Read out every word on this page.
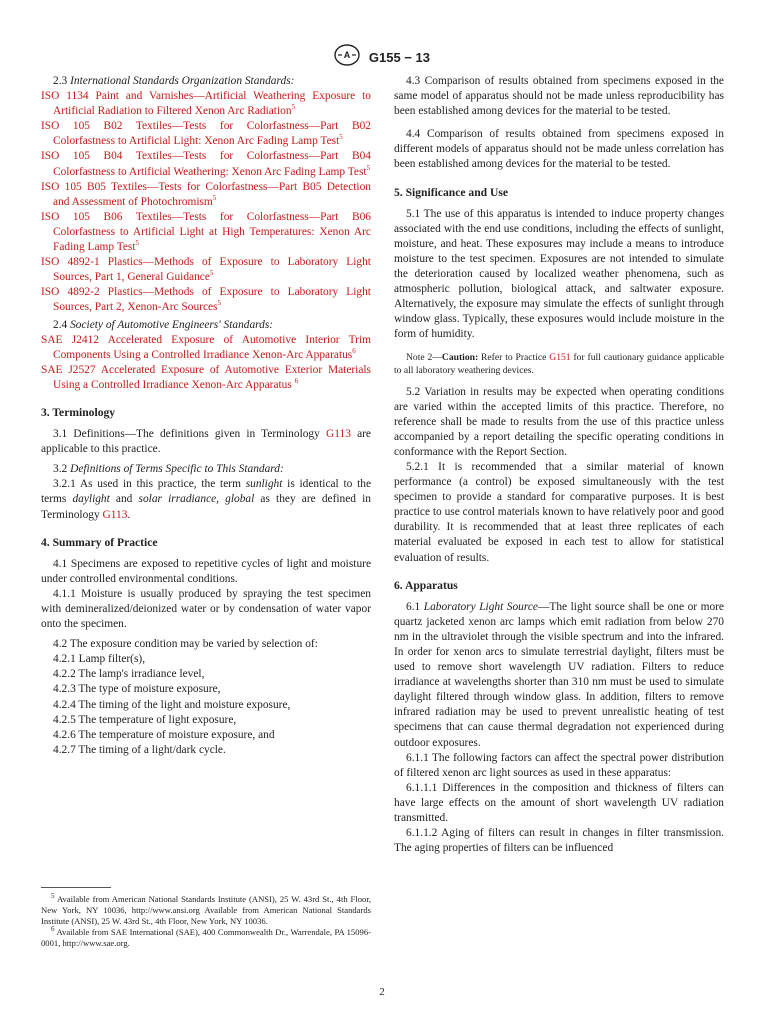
A G155 − 13

2.3 International Standards Organization Standards:

ISO 1134 Paint and Varnishes—Artificial Weathering Exposure to Artificial Radiation to Filtered Xenon Arc Radiation$^5$

ISO 105 B02 Textiles—Tests for Colorfastness—Part B02 Colorfastness to Artificial Light: Xenon Arc Fading Lamp Test$^5$

ISO 105 B04 Textiles—Tests for Colorfastness—Part B04 Colorfastness to Artificial Weathering: Xenon Arc Fading Lamp Test$^5$

ISO 105 B05 Textiles—Tests for Colorfastness—Part B05 Detection and Assessment of Photochromism$^5$

ISO 105 B06 Textiles—Tests for Colorfastness—Part B06 Colorfastness to Artificial Light at High Temperatures: Xenon Arc Fading Lamp Test$^5$

ISO 4892-1 Plastics—Methods of Exposure to Laboratory Light Sources, Part 1, General Guidance$^5$

ISO 4892-2 Plastics—Methods of Exposure to Laboratory Light Sources, Part 2, Xenon-Arc Sources$^5$

2.4 Society of Automotive Engineers' Standards:

SAE J2412 Accelerated Exposure of Automotive Interior Trim Components Using a Controlled Irradiance Xenon-Arc Apparatus$^6$

SAE J2527 Accelerated Exposure of Automotive Exterior Materials Using a Controlled Irradiance Xenon-Arc Apparatus $^6$

3. Terminology

3.1 Definitions—The definitions given in Terminology G113 are applicable to this practice.

3.2 Definitions of Terms Specific to This Standard:

3.2.1 As used in this practice, the term sunlight is identical to the terms daylight and solar irradiance, global as they are defined in Terminology G113.

4. Summary of Practice

4.1 Specimens are exposed to repetitive cycles of light and moisture under controlled environmental conditions.

4.1.1 Moisture is usually produced by spraying the test specimen with demineralized/deionized water or by condensation of water vapor onto the specimen.

4.2 The exposure condition may be varied by selection of:

4.2.1 Lamp filter(s),

4.2.2 The lamp's irradiance level,

4.2.3 The type of moisture exposure,

4.2.4 The timing of the light and moisture exposure,

4.2.5 The temperature of light exposure,

4.2.6 The temperature of moisture exposure, and

4.2.7 The timing of a light/dark cycle.

$^5$ Available from American National Standards Institute (ANSI), 25 W. 43rd St., 4th Floor, New York, NY 10036, http://www.ansi.org Available from American National Standards Institute (ANSI), 25 W. 43rd St., 4th Floor, New York, NY 10036.

$^6$ Available from SAE International (SAE), 400 Commonwealth Dr., Warrendale, PA 15096-0001, http://www.sae.org.

4.3 Comparison of results obtained from specimens exposed in the same model of apparatus should not be made unless reproducibility has been established among devices for the material to be tested.

4.4 Comparison of results obtained from specimens exposed in different models of apparatus should not be made unless correlation has been established among devices for the material to be tested.

5. Significance and Use

5.1 The use of this apparatus is intended to induce property changes associated with the end use conditions, including the effects of sunlight, moisture, and heat. These exposures may include a means to introduce moisture to the test specimen. Exposures are not intended to simulate the deterioration caused by localized weather phenomena, such as atmospheric pollution, biological attack, and saltwater exposure. Alternatively, the exposure may simulate the effects of sunlight through window glass. Typically, these exposures would include moisture in the form of humidity.

Note 2—Caution: Refer to Practice G151 for full cautionary guidance applicable to all laboratory weathering devices.

5.2 Variation in results may be expected when operating conditions are varied within the accepted limits of this practice. Therefore, no reference shall be made to results from the use of this practice unless accompanied by a report detailing the specific operating conditions in conformance with the Report Section.

5.2.1 It is recommended that a similar material of known performance (a control) be exposed simultaneously with the test specimen to provide a standard for comparative purposes. It is best practice to use control materials known to have relatively poor and good durability. It is recommended that at least three replicates of each material evaluated be exposed in each test to allow for statistical evaluation of results.

6. Apparatus

6.1 Laboratory Light Source—The light source shall be one or more quartz jacketed xenon arc lamps which emit radiation from below 270 nm in the ultraviolet through the visible spectrum and into the infrared. In order for xenon arcs to simulate terrestrial daylight, filters must be used to remove short wavelength UV radiation. Filters to reduce irradiance at wavelengths shorter than 310 nm must be used to simulate daylight filtered through window glass. In addition, filters to remove infrared radiation may be used to prevent unrealistic heating of test specimens that can cause thermal degradation not experienced during outdoor exposures.

6.1.1 The following factors can affect the spectral power distribution of filtered xenon arc light sources as used in these apparatus:

6.1.1.1 Differences in the composition and thickness of filters can have large effects on the amount of short wavelength UV radiation transmitted.

6.1.1.2 Aging of filters can result in changes in filter transmission. The aging properties of filters can be influenced

2
